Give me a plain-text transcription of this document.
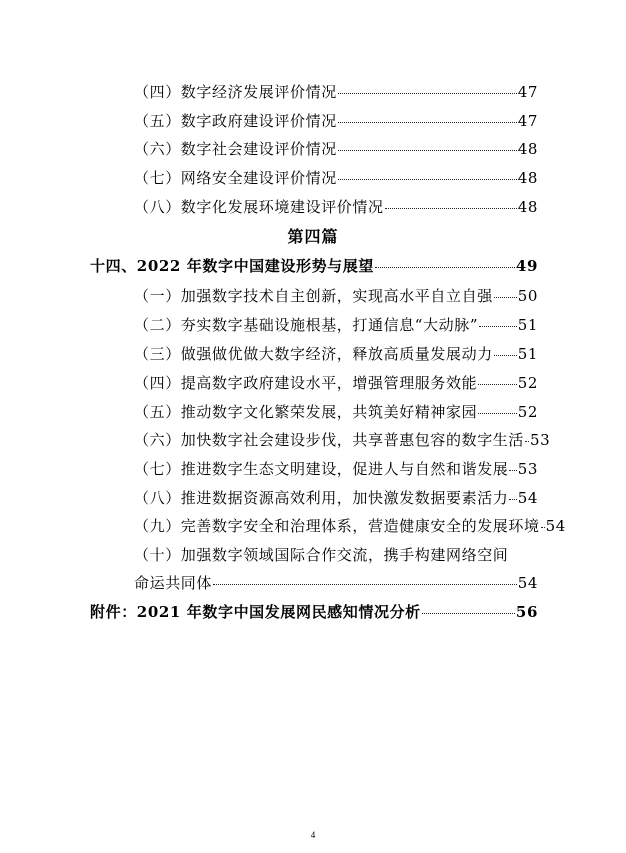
（四）数字经济发展评价情况	47
（五）数字政府建设评价情况	47
（六）数字社会建设评价情况	48
（七）网络安全建设评价情况	48
（八）数字化发展环境建设评价情况	48
第四篇
十四、2022 年数字中国建设形势与展望	49
（一）加强数字技术自主创新，实现高水平自立自强 50
（二）夯实数字基础设施根基，打通信息“大动脉”	51
（三）做强做优做大数字经济，释放高质量发展动力 51
（四）提高数字政府建设水平，增强管理服务效能	52
（五）推动数字文化繁荣发展，共筑美好精神家园	52
（六）加快数字社会建设步伐，共享普惠包容的数字生活 53
（七）推进数字生态文明建设，促进人与自然和谐发展 53
（八）推进数据资源高效利用，加快激发数据要素活力 54
（九）完善数字安全和治理体系，营造健康安全的发展环境 54
（十）加强数字领域国际合作交流，携手构建网络空间
命运共同体	54
附件：2021 年数字中国发展网民感知情况分析	56
4
